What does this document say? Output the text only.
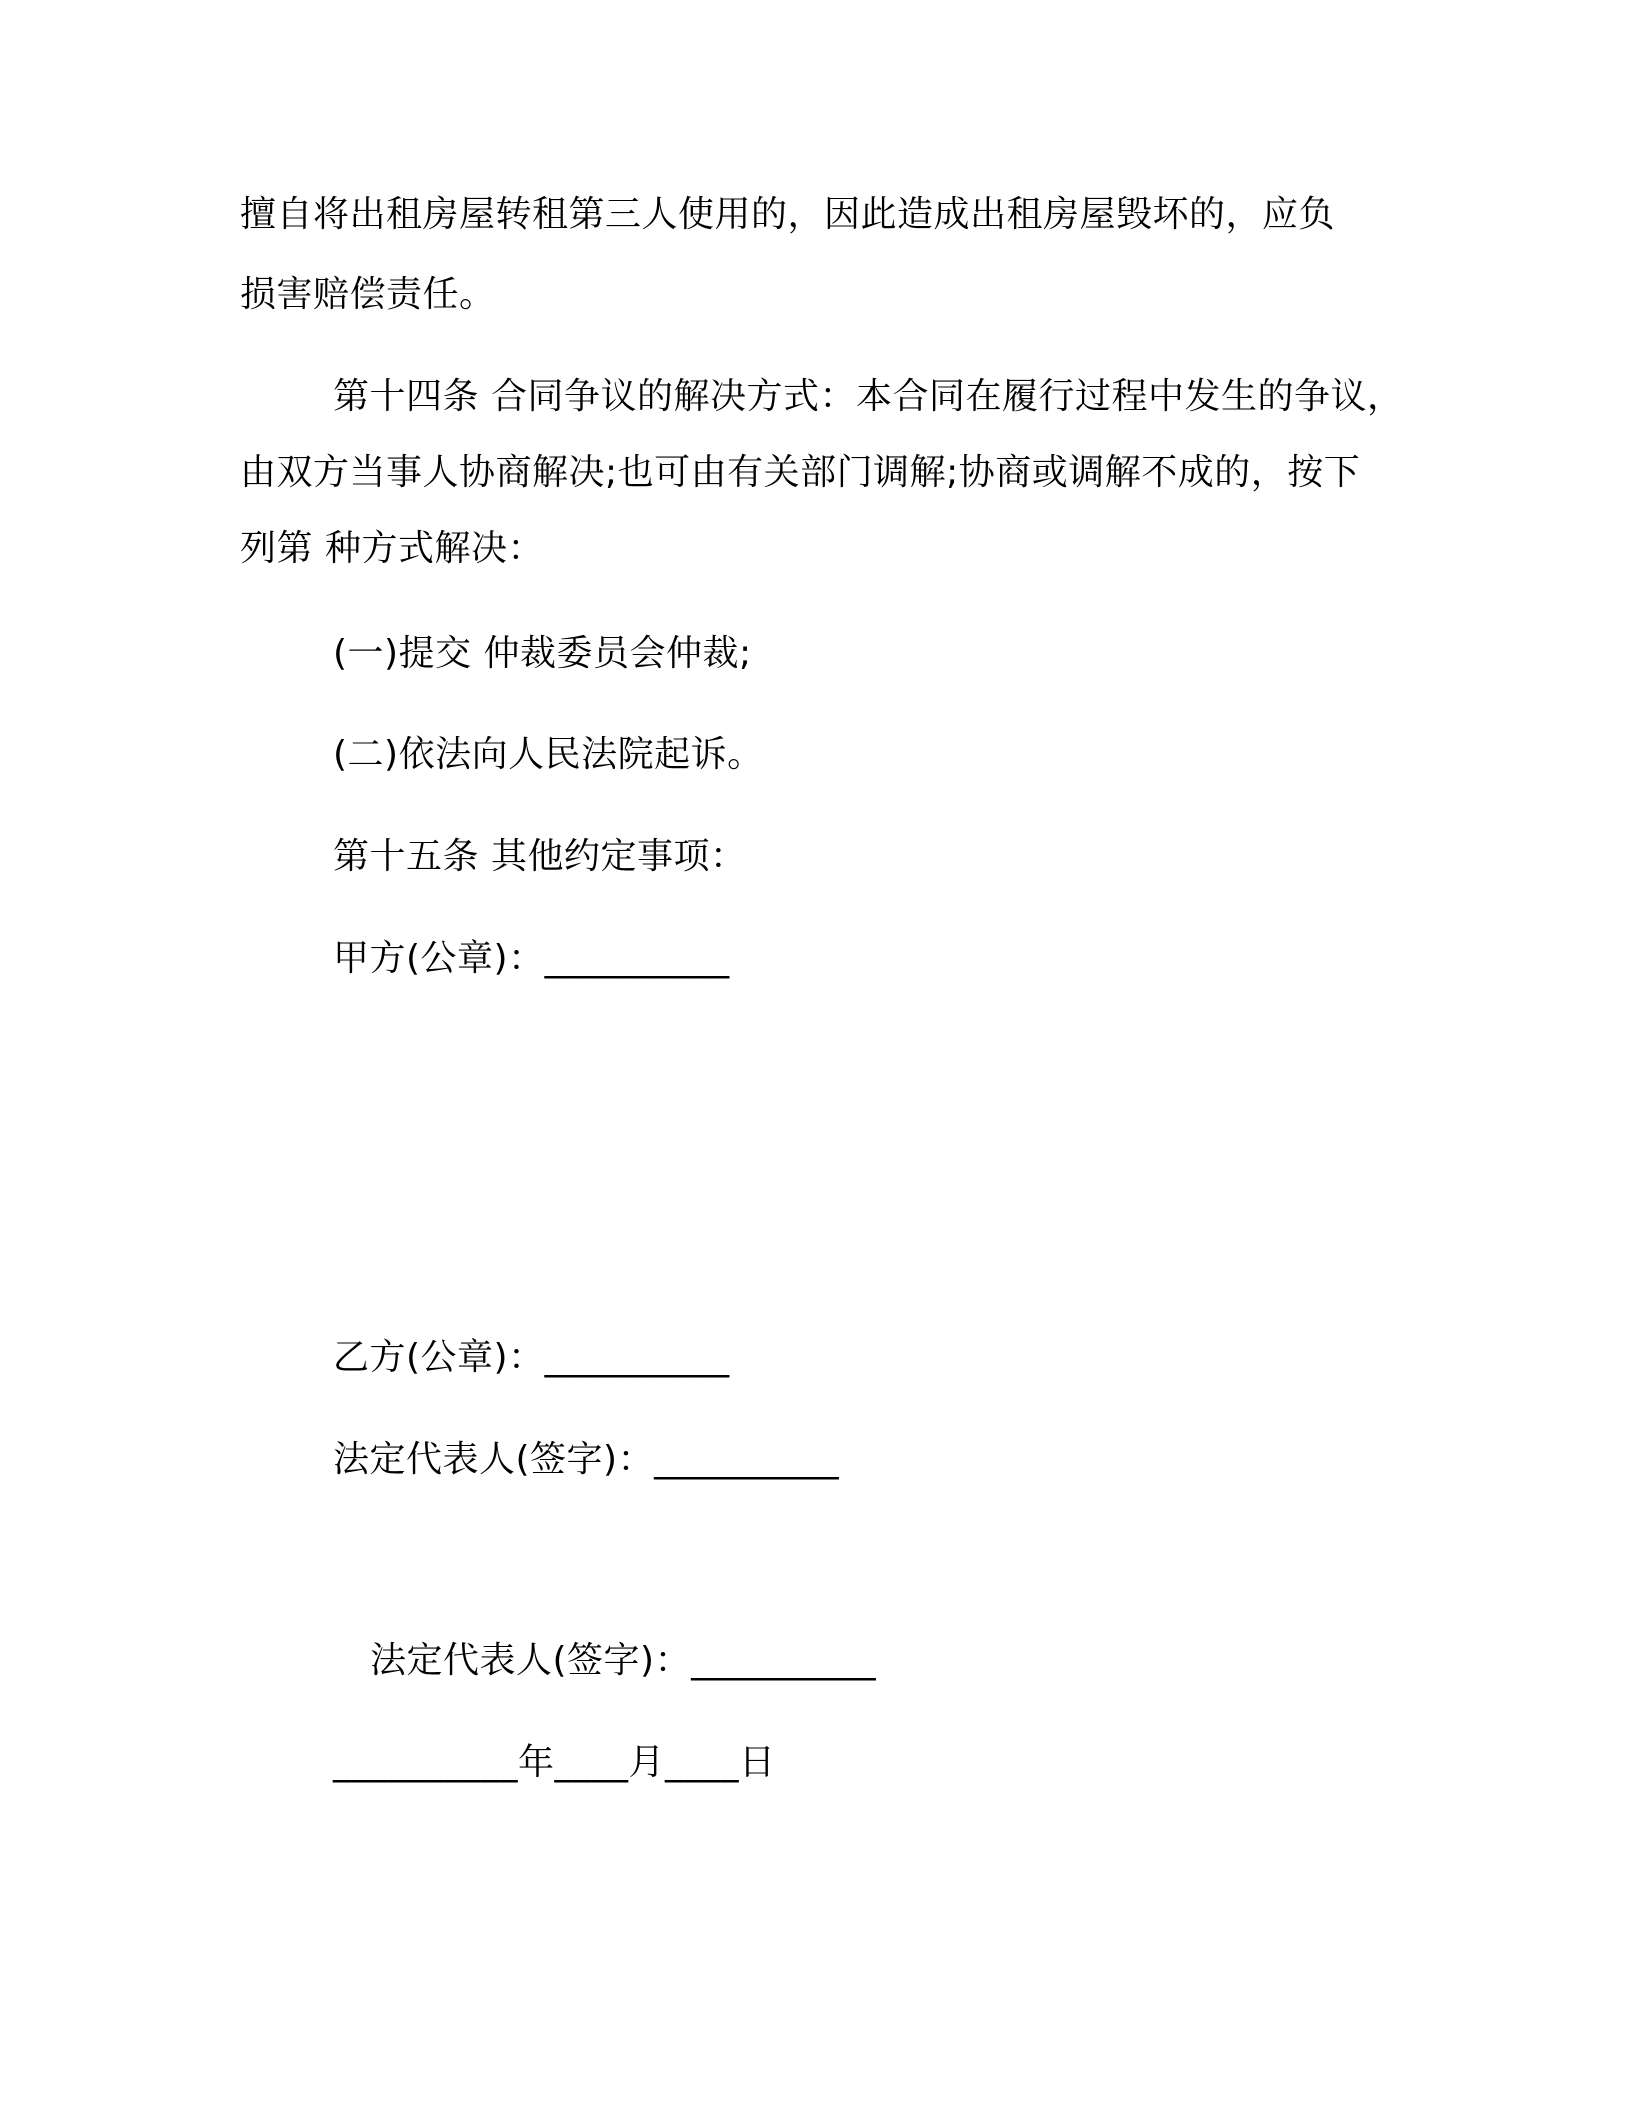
擅自将出租房屋转租第三人使用的，因此造成出租房屋毁坏的，应负
损害赔偿责任。
第十四条 合同争议的解决方式：本合同在履行过程中发生的争议，
由双方当事人协商解决;也可由有关部门调解;协商或调解不成的，按下
列第 种方式解决：
(一)提交 仲裁委员会仲裁;
(二)依法向人民法院起诉。
第十五条 其他约定事项：
甲方(公章)：__________
乙方(公章)：__________
法定代表人(签字)：__________
法定代表人(签字)：__________
__________年____月____日
